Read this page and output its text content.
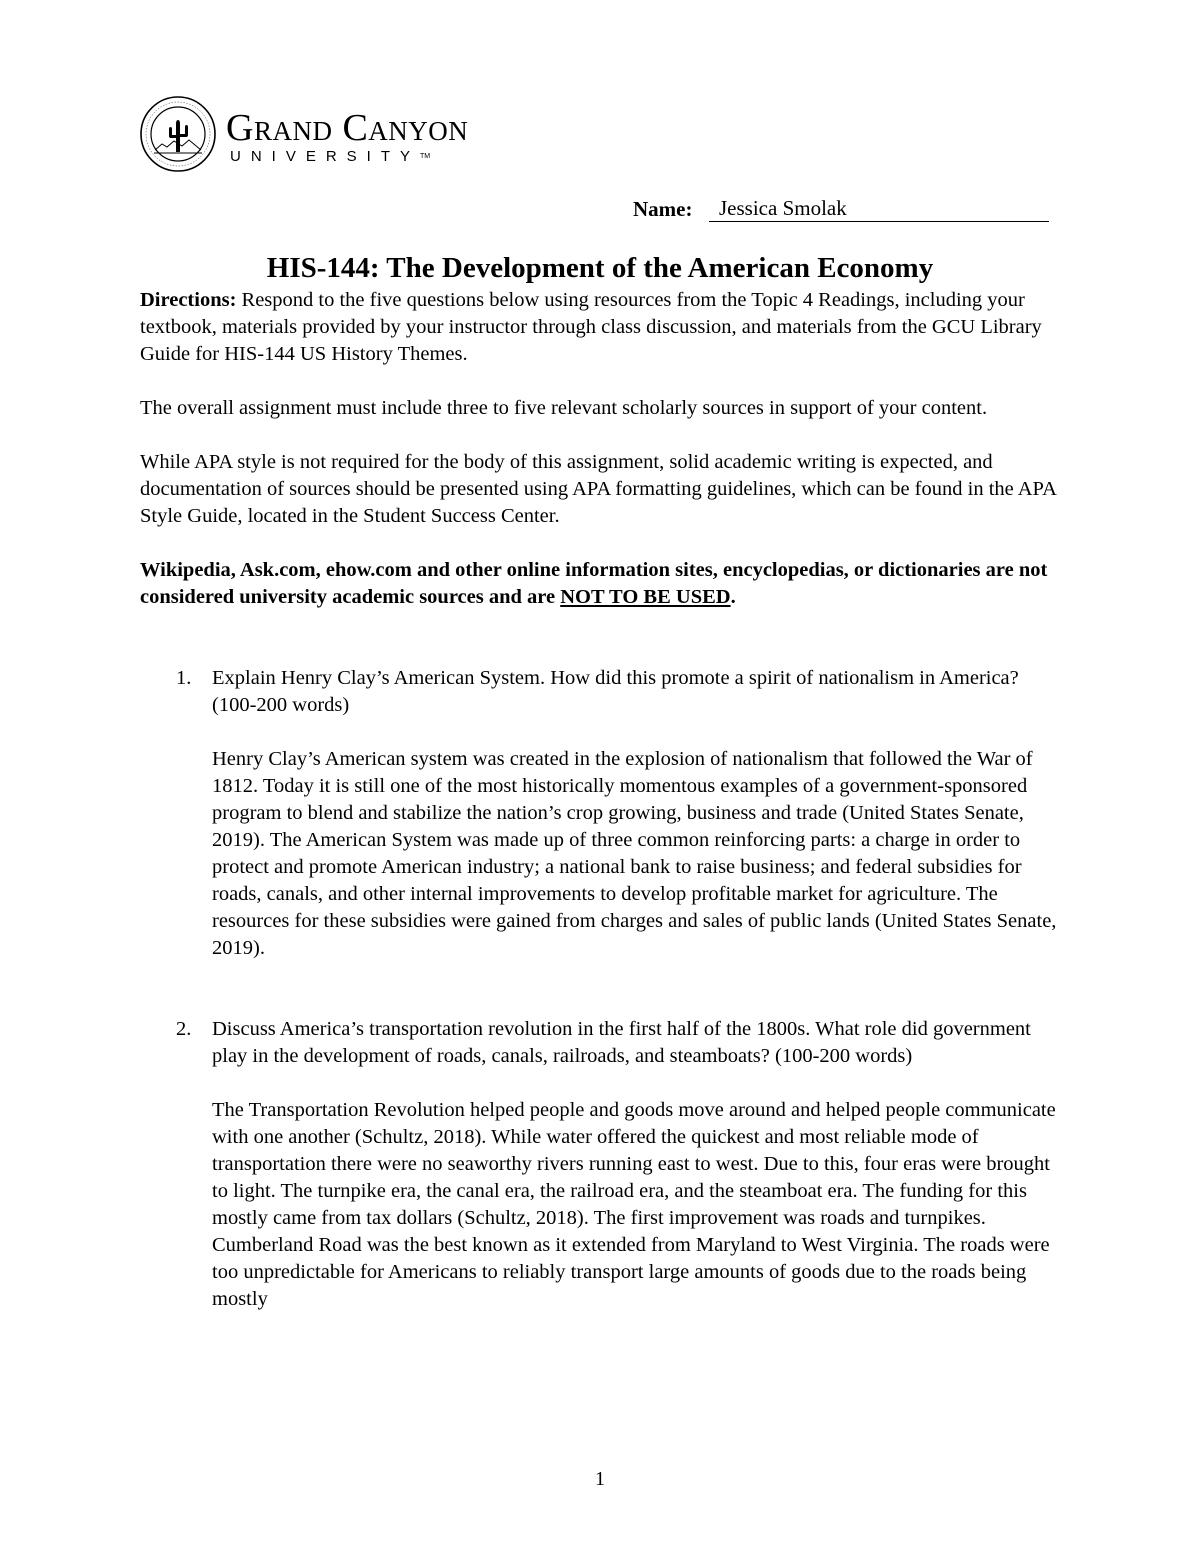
Grand Canyon
UNIVERSITY™
Name:	Jessica Smolak
HIS-144: The Development of the American Economy

Directions: Respond to the five questions below using resources from the Topic 4 Readings, including your textbook, materials provided by your instructor through class discussion, and materials from the GCU Library Guide for HIS-144 US History Themes.

The overall assignment must include three to five relevant scholarly sources in support of your content.

While APA style is not required for the body of this assignment, solid academic writing is expected, and documentation of sources should be presented using APA formatting guidelines, which can be found in the APA Style Guide, located in the Student Success Center.

Wikipedia, Ask.com, ehow.com and other online information sites, encyclopedias, or dictionaries are not considered university academic sources and are NOT TO BE USED.

1. Explain Henry Clay’s American System. How did this promote a spirit of nationalism in America? (100-200 words)

Henry Clay’s American system was created in the explosion of nationalism that followed the War of 1812. Today it is still one of the most historically momentous examples of a government-sponsored program to blend and stabilize the nation’s crop growing, business and trade (United States Senate, 2019). The American System was made up of three common reinforcing parts: a charge in order to protect and promote American industry; a national bank to raise business; and federal subsidies for roads, canals, and other internal improvements to develop profitable market for agriculture. The resources for these subsidies were gained from charges and sales of public lands (United States Senate, 2019).

2. Discuss America’s transportation revolution in the first half of the 1800s. What role did government play in the development of roads, canals, railroads, and steamboats? (100-200 words)

The Transportation Revolution helped people and goods move around and helped people communicate with one another (Schultz, 2018). While water offered the quickest and most reliable mode of transportation there were no seaworthy rivers running east to west. Due to this, four eras were brought to light. The turnpike era, the canal era, the railroad era, and the steamboat era. The funding for this mostly came from tax dollars (Schultz, 2018). The first improvement was roads and turnpikes. Cumberland Road was the best known as it extended from Maryland to West Virginia. The roads were too unpredictable for Americans to reliably transport large amounts of goods due to the roads being mostly

1
